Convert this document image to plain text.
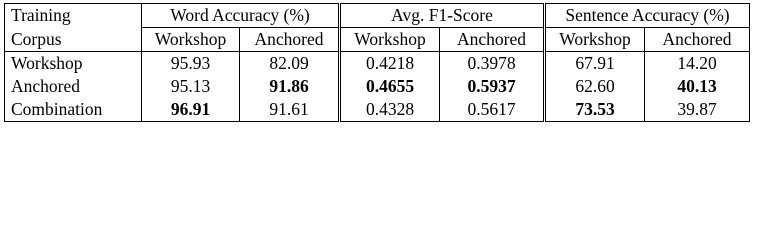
Training	Word Accuracy (%)		Avg. F1-Score		Sentence Accuracy (%)	
Corpus	Workshop	Anchored	Workshop	Anchored	Workshop	Anchored
Workshop	95.93	82.09	0.4218	0.3978	67.91	14.20
Anchored	95.13	91.86	0.4655	0.5937	62.60	40.13
Combination	96.91	91.61	0.4328	0.5617	73.53	39.87
